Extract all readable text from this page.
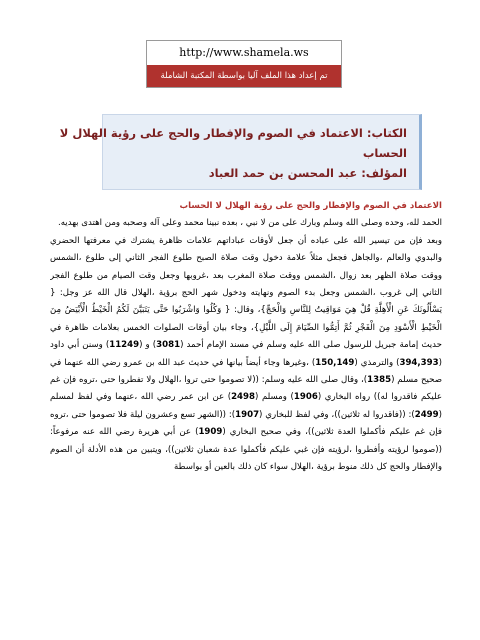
http://www.shamela.ws
تم إعداد هذا الملف آليا بواسطة المكتبة الشاملة
الكتاب: الاعتماد في الصوم والإفطار والحج على رؤية الهلال لا
الحساب
المؤلف: عبد المحسن بن حمد العباد

الاعتماد في الصوم والإفطار والحج على رؤية الهلال لا الحساب

الحمد لله، وحده وصلى الله وسلم وبارك على من لا نبي ، بعده نبينا محمد وعلى آله وصحبه ومن اهتدى بهديه.

وبعد فإن من تيسير الله على عباده أن جعل لأوقات عباداتهم علامات ظاهرة يشترك في معرفتها الحضري والبدوي والعالم ،والجاهل فجعل مثلاً علامة دخول وقت صلاة الصبح طلوع الفجر الثاني إلى طلوع ،الشمس ووقت صلاة الظهر بعد زوال ،الشمس ووقت صلاة المغرب بعد ،غروبها وجعل وقت الصيام من طلوع الفجر الثاني إلى غروب ،الشمس وجعل بدء الصوم ونهايته ودخول شهر الحج برؤية ،الهلال قال الله عز وجل: { يَسْأَلُونَكَ عَنِ الْأَهِلَّةِ قُلْ هِيَ مَوَاقِيتُ لِلنَّاسِ وَالْحَجِّ}، وقال: { وَكُلُوا وَاشْرَبُوا حَتَّى يَتَبَيَّنَ لَكُمُ الْخَيْطُ الْأَبْيَضُ مِنَ الْخَيْطِ الْأَسْوَدِ مِنَ الْفَجْرِ ثُمَّ أَتِمُّوا الصِّيَامَ إِلَى اللَّيْلِ}، وجاء بيان أوقات الصلوات الخمس بعلامات ظاهرة في حديث إمامة جبريل للرسول صلى الله عليه وسلم في مسند الإمام أحمد (3081) و (11249) وسنن أبي داود (394,393) والترمذي (150,149) ،وغيرها وجاء أيضاً بيانها في حديث عبد الله بن عمرو رضي الله عنهما في صحيح مسلم (1385)، وقال صلى الله عليه وسلم: ((لا تصوموا حتى تروا ،الهلال ولا تفطروا حتى ،تروه فإن غم عليكم فاقدروا له)) رواه البخاري (1906) ومسلم (2498) عن ابن عمر رضي الله ،عنهما وفي لفظ لمسلم (2499): ((فاقدروا له ثلاثين))، وفي لفظ للبخاري (1907): ((الشهر تسع وعشرون ليلة فلا تصوموا حتى ،تروه فإن غم عليكم فأكملوا العدة ثلاثين))، وفي صحيح البخاري (1909) عن أبي هريرة رضي الله عنه مرفوعاً: ((صوموا لرؤيته وأفطروا ،لرؤيته فإن غبي عليكم فأكملوا عدة شعبان ثلاثين))، ويتبين من هذه الأدلة أن الصوم والإفطار والحج كل ذلك منوط برؤية ،الهلال سواء كان ذلك بالعين أو بواسطة
